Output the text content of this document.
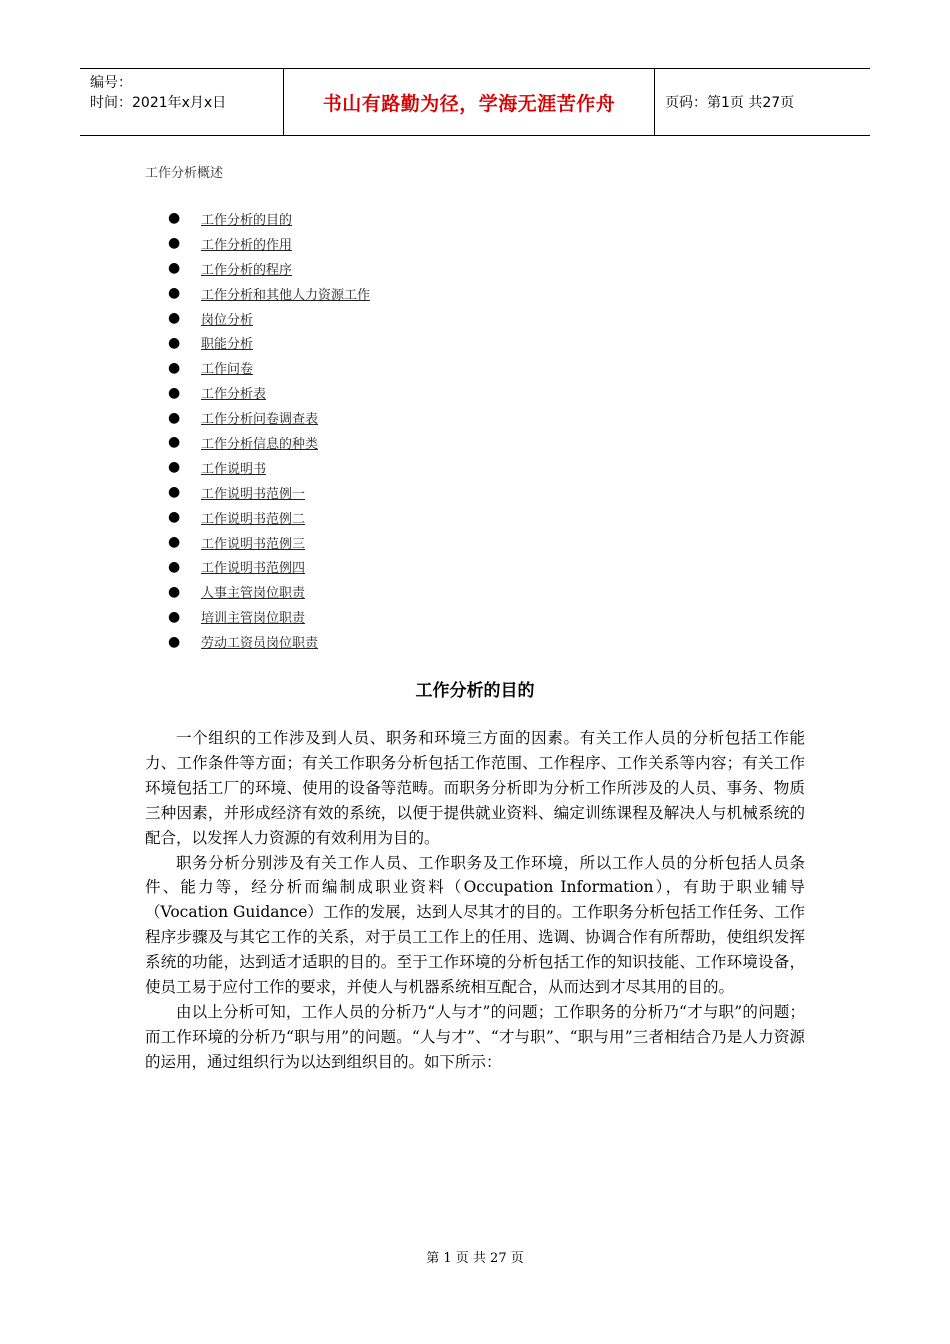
编号：
时间：2021年x月x日	书山有路勤为径，学海无涯苦作舟	页码：第1页 共27页
工作分析概述
●	工作分析的目的
●	工作分析的作用
●	工作分析的程序
●	工作分析和其他人力资源工作
●	岗位分析
●	职能分析
●	工作问卷
●	工作分析表
●	工作分析问卷调查表
●	工作分析信息的种类
●	工作说明书
●	工作说明书范例一
●	工作说明书范例二
●	工作说明书范例三
●	工作说明书范例四
●	人事主管岗位职责
●	培训主管岗位职责
●	劳动工资员岗位职责
工作分析的目的

一个组织的工作涉及到人员、职务和环境三方面的因素。有关工作人员的分析包括工作能力、工作条件等方面；有关工作职务分析包括工作范围、工作程序、工作关系等内容；有关工作环境包括工厂的环境、使用的设备等范畴。而职务分析即为分析工作所涉及的人员、事务、物质三种因素，并形成经济有效的系统，以便于提供就业资料、编定训练课程及解决人与机械系统的配合，以发挥人力资源的有效利用为目的。

职务分析分别涉及有关工作人员、工作职务及工作环境，所以工作人员的分析包括人员条件、能力等，经分析而编制成职业资料（Occupation Information），有助于职业辅导（Vocation Guidance）工作的发展，达到人尽其才的目的。工作职务分析包括工作任务、工作程序步骤及与其它工作的关系，对于员工工作上的任用、选调、协调合作有所帮助，使组织发挥系统的功能，达到适才适职的目的。至于工作环境的分析包括工作的知识技能、工作环境设备，使员工易于应付工作的要求，并使人与机器系统相互配合，从而达到才尽其用的目的。

由以上分析可知，工作人员的分析乃“人与才”的问题；工作职务的分析乃“才与职”的问题；而工作环境的分析乃“职与用”的问题。“人与才”、“才与职”、“职与用”三者相结合乃是人力资源的运用，通过组织行为以达到组织目的。如下所示：

第 1 页 共 27 页
